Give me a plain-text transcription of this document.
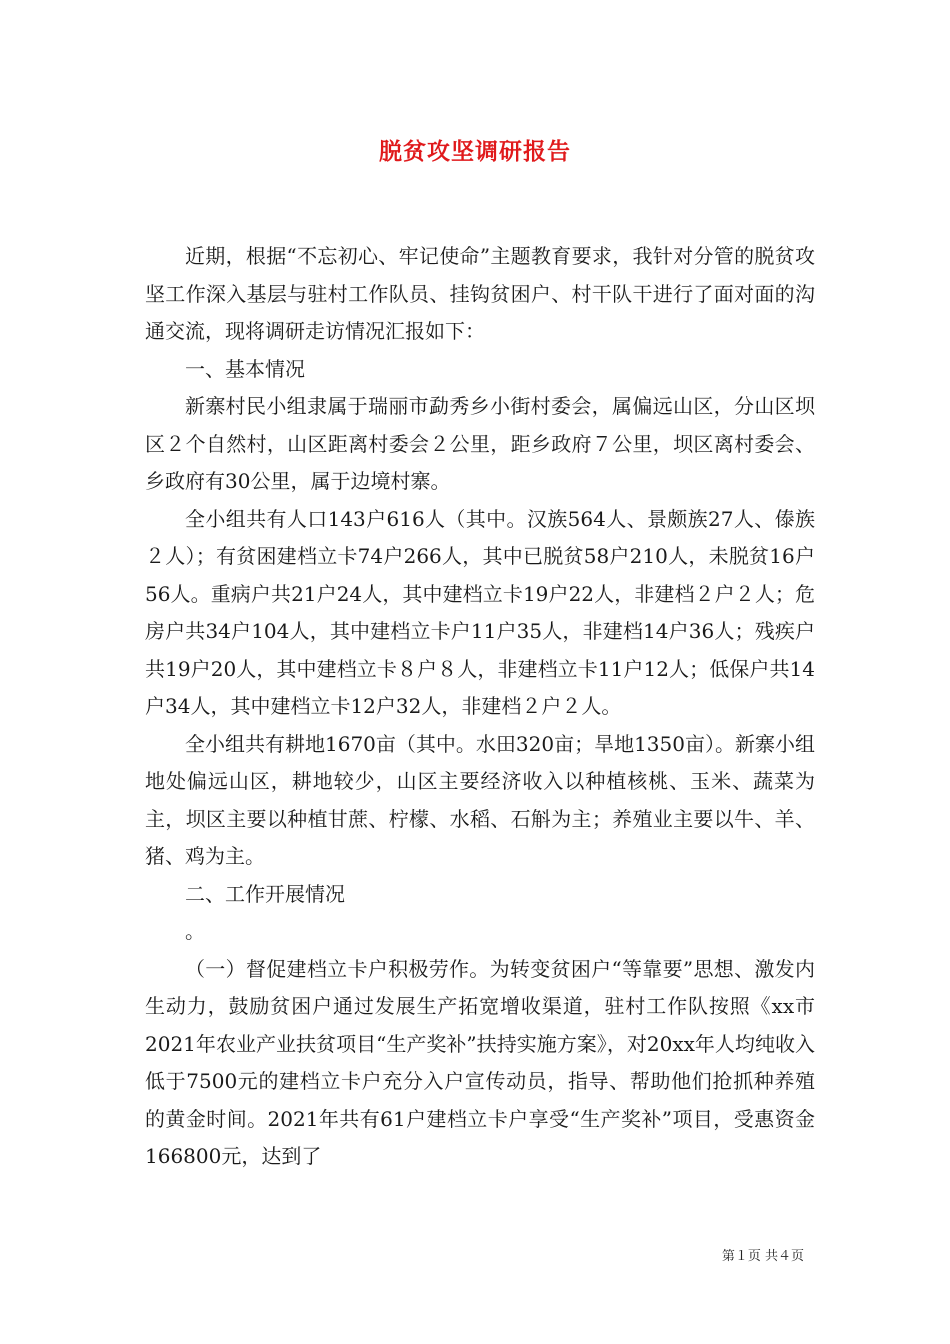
脱贫攻坚调研报告

近期，根据“不忘初心、牢记使命”主题教育要求，我针对分管的脱贫攻坚工作深入基层与驻村工作队员、挂钩贫困户、村干队干进行了面对面的沟通交流，现将调研走访情况汇报如下：

一、基本情况

新寨村民小组隶属于瑞丽市勐秀乡小街村委会，属偏远山区，分山区坝区２个自然村，山区距离村委会２公里，距乡政府７公里，坝区离村委会、乡政府有30公里，属于边境村寨。

全小组共有人口143户616人（其中。汉族564人、景颇族27人、傣族２人）；有贫困建档立卡74户266人，其中已脱贫58户210人，未脱贫16户56人。重病户共21户24人，其中建档立卡19户22人，非建档２户２人；危房户共34户104人，其中建档立卡户11户35人，非建档14户36人；残疾户共19户20人，其中建档立卡８户８人，非建档立卡11户12人；低保户共14户34人，其中建档立卡12户32人，非建档２户２人。

全小组共有耕地1670亩（其中。水田320亩；旱地1350亩）。新寨小组地处偏远山区，耕地较少，山区主要经济收入以种植核桃、玉米、蔬菜为主，坝区主要以种植甘蔗、柠檬、水稻、石斛为主；养殖业主要以牛、羊、猪、鸡为主。

二、工作开展情况

。

（一）督促建档立卡户积极劳作。为转变贫困户“等靠要”思想、激发内生动力，鼓励贫困户通过发展生产拓宽增收渠道，驻村工作队按照《xx市2021年农业产业扶贫项目“生产奖补”扶持实施方案》，对20xx年人均纯收入低于7500元的建档立卡户充分入户宣传动员，指导、帮助他们抢抓种养殖的黄金时间。2021年共有61户建档立卡户享受“生产奖补”项目，受惠资金166800元，达到了

第１页 共４页
